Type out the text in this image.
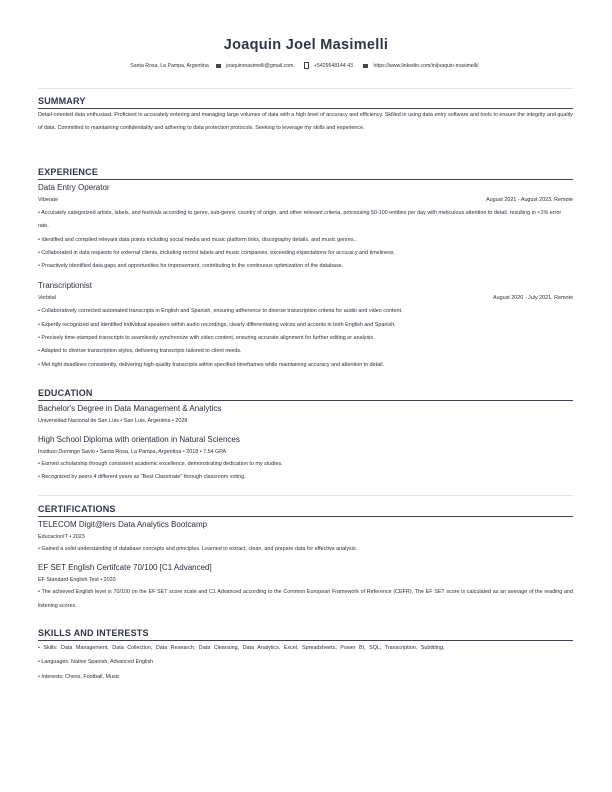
Joaquin Joel Masimelli
Santa Rosa, La Pampa, Argentina	joaquinmasimelli@gmail.com	+5429548144 43	https://www.linkedin.com/in/joaquin-masimelli/
SUMMARY
Detail-oriented data enthusiast. Proficient in accurately entering and managing large volumes of data with a high level of accuracy and efficiency. Skilled in using data entry software and tools to ensure the integrity and quality of data. Committed to maintaining confidentiality and adhering to data protection protocols. Seeking to leverage my skills and experience.
EXPERIENCE
Data Entry Operator
Viberate	August 2021 - August 2023, Remote
• Accurately categorized artists, labels, and festivals according to genre, sub-genre, country of origin, and other relevant criteria, processing 50-100 entities per day with meticulous attention to detail, resulting in <1% error rate.
• Identified and compiled relevant data points including social media and music platform links, discography details, and music genres..
• Collaborated in data requests for external clients, including record labels and music companies, exceeding expectations for accuracy and timeliness.
• Proactively identified data gaps and opportunities for improvement, contributing to the continuous optimization of the database.
Transcriptionist
Verbital	August 2020 - July 2021, Remote
• Collaboratively corrected automated transcripts in English and Spanish, ensuring adherence to diverse transcription criteria for audio and video content.
• Expertly recognized and identified individual speakers within audio recordings, clearly differentiating voices and accents in both English and Spanish.
• Precisely time-stamped transcripts to seamlessly synchronize with video content, ensuring accurate alignment for further editing or analysis.
• Adapted to diverse transcription styles, delivering transcripts tailored to client needs.
• Met tight deadlines consistently, delivering high-quality transcripts within specified timeframes while maintaining accuracy and attention to detail.
EDUCATION
Bachelor's Degree in Data Management & Analytics
Universidad Nacional de San Luis • San Luis, Argentina • 2028
High School Diploma with orientation in Natural Sciences
Instituto Domingo Savio • Santa Rosa, La Pampa, Argentina • 2018 • 7.54 GPA
• Earned scholarship through consistent academic excellence, demonstrating dedication to my studies.
• Recognized by peers 4 different years as "Best Classmate" through classroom voting.
CERTIFICATIONS
TELECOM Digit@lers Data Analytics Bootcamp
EducacionIT • 2023
• Gained a solid understanding of database concepts and principles. Learned to extract, clean, and prepare data for effective analysis.
EF SET English Certifcate 70/100 [C1 Advanced]
EF Standard English Test • 2020
• The achieved English level is 70/100 on the EF SET score scale and C1 Advanced according to the Common European Framework of Reference (CEFR). The EF SET score is calculated as an average of the reading and listening scores.
SKILLS AND INTERESTS
• Skills: Data Management, Data Collection, Data Research, Data Cleansing, Data Analytics, Excel, Spreadsheets, Power BI, SQL, Transcription, Subtitling,
• Languages: Native Spanish, Advanced English
• Interests: Chess, Football, Music
